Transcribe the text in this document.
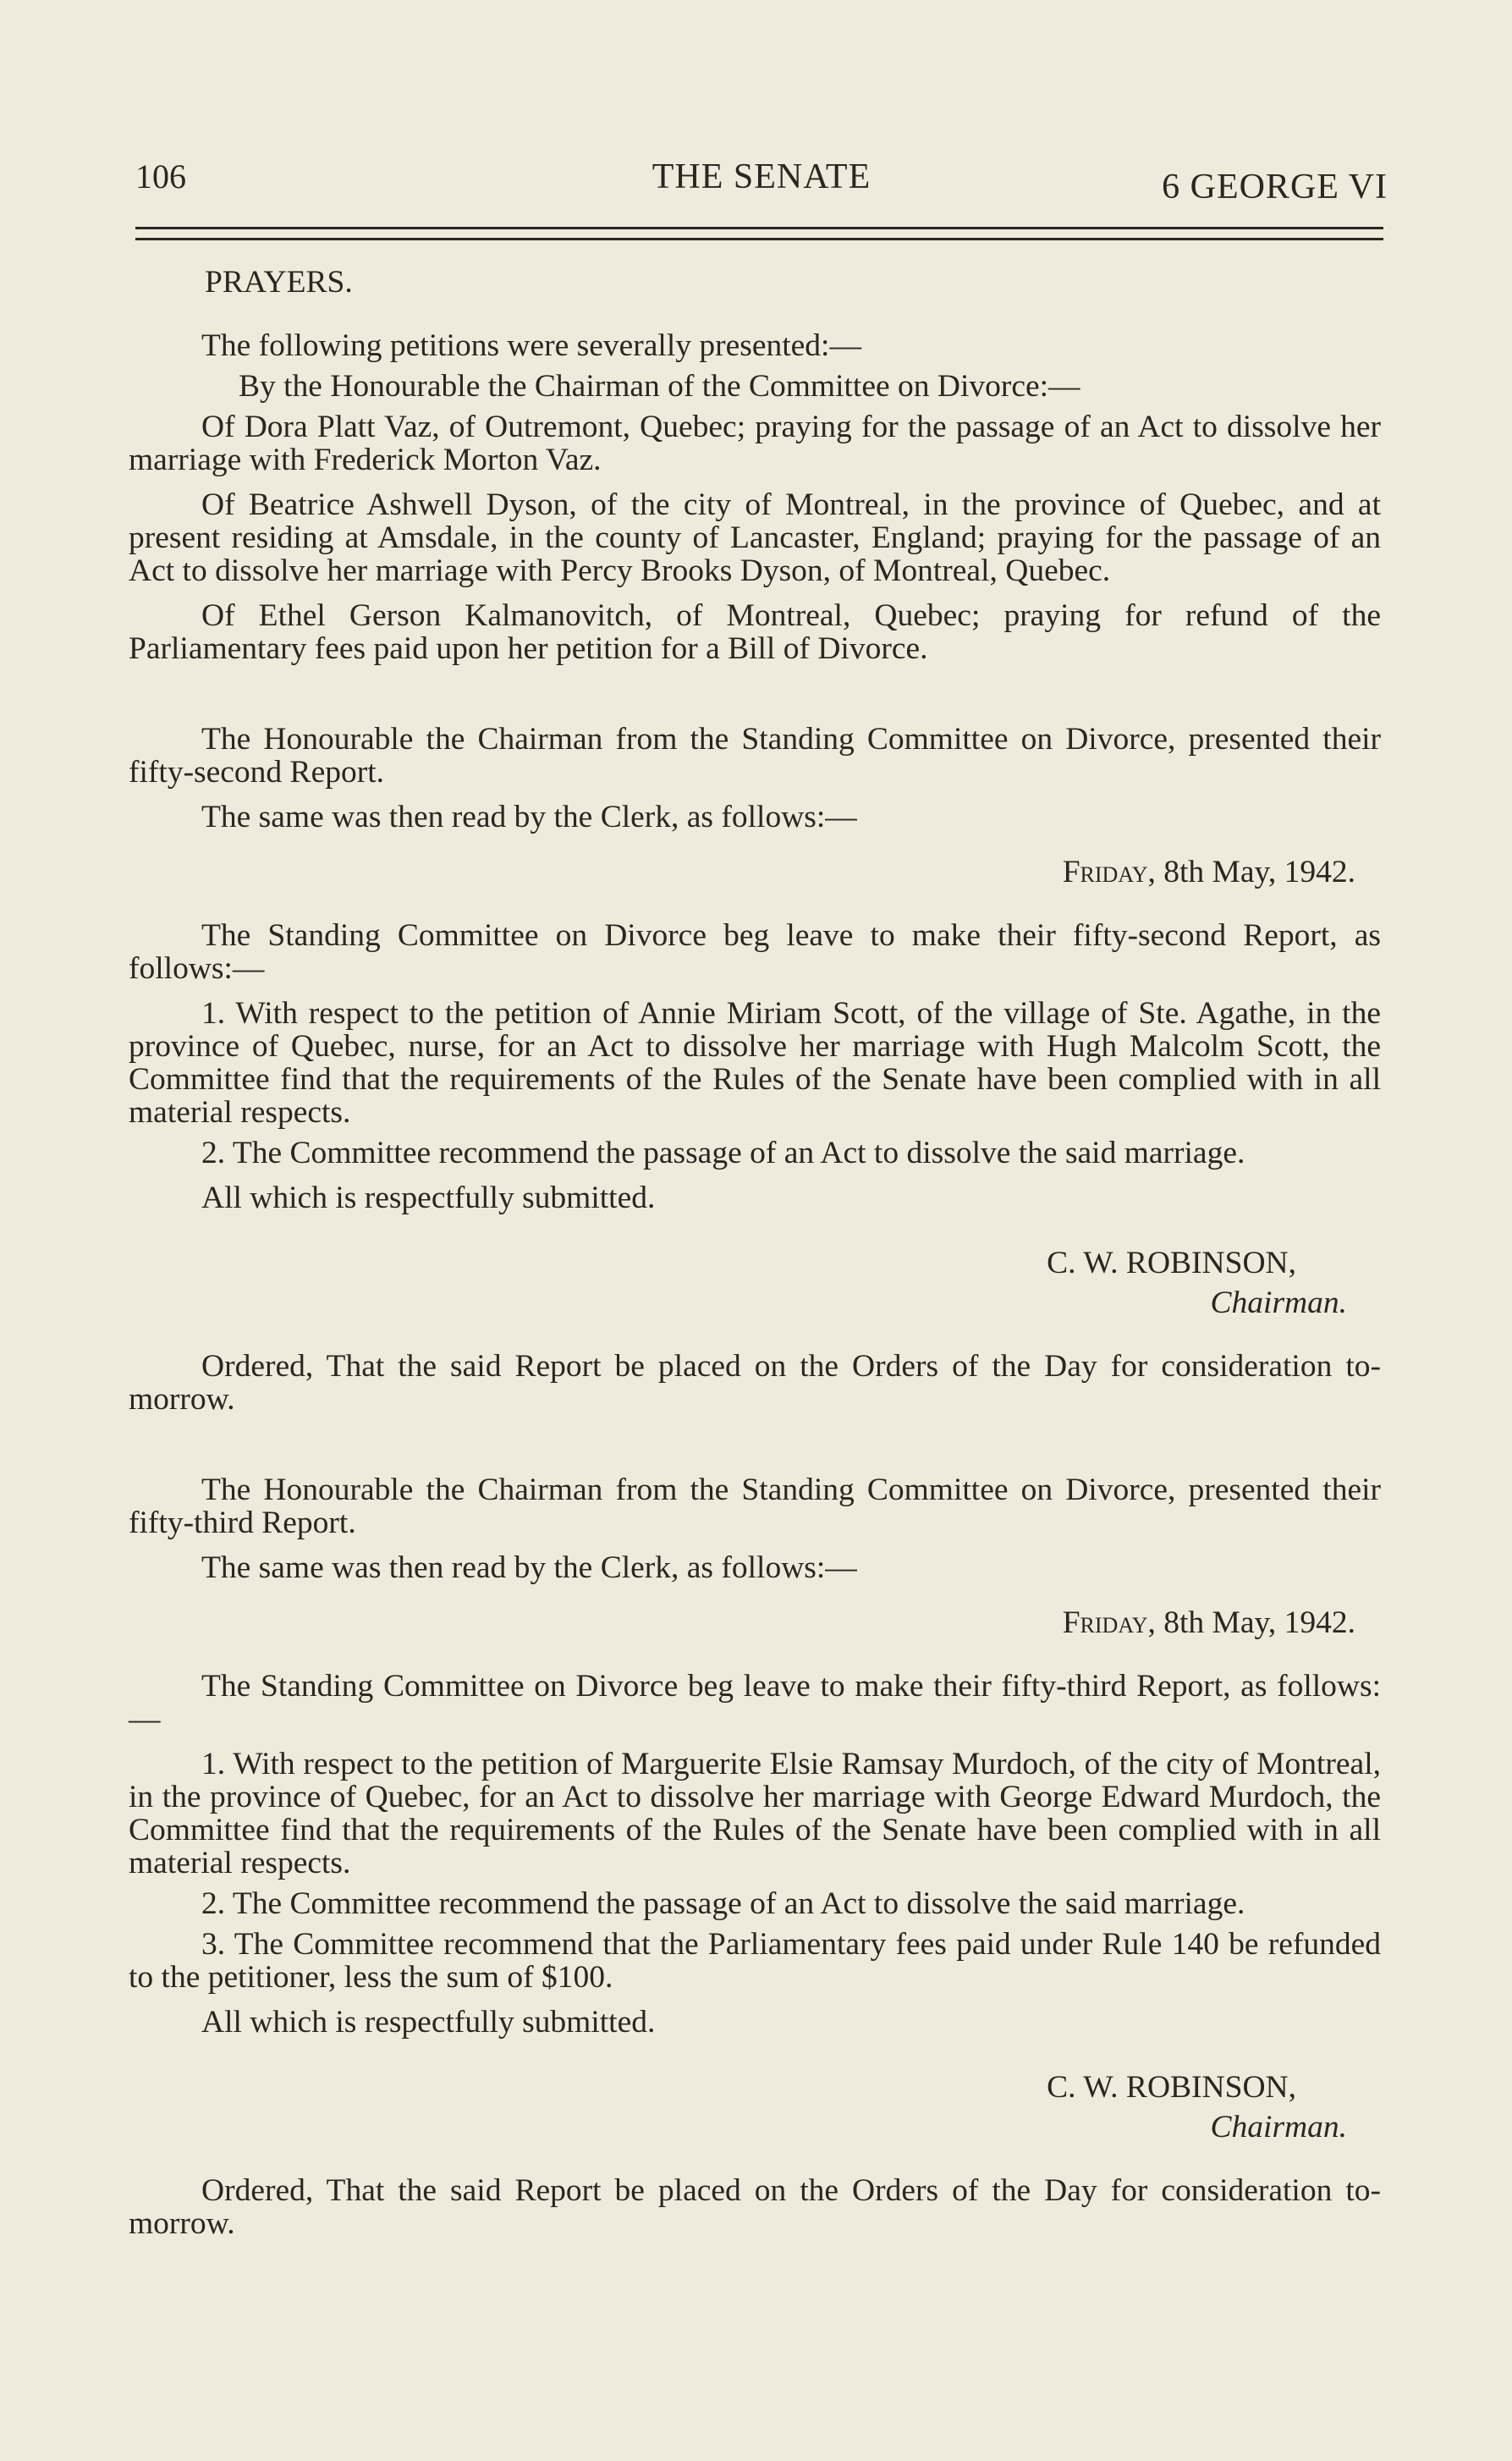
106	THE SENATE	6 GEORGE VI

PRAYERS.

The following petitions were severally presented:—

By the Honourable the Chairman of the Committee on Divorce:—

Of Dora Platt Vaz, of Outremont, Quebec; praying for the passage of an Act to dissolve her marriage with Frederick Morton Vaz.

Of Beatrice Ashwell Dyson, of the city of Montreal, in the province of Quebec, and at present residing at Amsdale, in the county of Lancaster, England; praying for the passage of an Act to dissolve her marriage with Percy Brooks Dyson, of Montreal, Quebec.

Of Ethel Gerson Kalmanovitch, of Montreal, Quebec; praying for refund of the Parliamentary fees paid upon her petition for a Bill of Divorce.

The Honourable the Chairman from the Standing Committee on Divorce, presented their fifty-second Report.

The same was then read by the Clerk, as follows:—

Friday, 8th May, 1942.

The Standing Committee on Divorce beg leave to make their fifty-second Report, as follows:—

1. With respect to the petition of Annie Miriam Scott, of the village of Ste. Agathe, in the province of Quebec, nurse, for an Act to dissolve her marriage with Hugh Malcolm Scott, the Committee find that the requirements of the Rules of the Senate have been complied with in all material respects.

2. The Committee recommend the passage of an Act to dissolve the said marriage.

All which is respectfully submitted.

C. W. ROBINSON,

Chairman.

Ordered, That the said Report be placed on the Orders of the Day for consideration to-morrow.

The Honourable the Chairman from the Standing Committee on Divorce, presented their fifty-third Report.

The same was then read by the Clerk, as follows:—

Friday, 8th May, 1942.

The Standing Committee on Divorce beg leave to make their fifty-third Report, as follows:—

1. With respect to the petition of Marguerite Elsie Ramsay Murdoch, of the city of Montreal, in the province of Quebec, for an Act to dissolve her marriage with George Edward Murdoch, the Committee find that the requirements of the Rules of the Senate have been complied with in all material respects.

2. The Committee recommend the passage of an Act to dissolve the said marriage.

3. The Committee recommend that the Parliamentary fees paid under Rule 140 be refunded to the petitioner, less the sum of $100.

All which is respectfully submitted.

C. W. ROBINSON,

Chairman.

Ordered, That the said Report be placed on the Orders of the Day for consideration to-morrow.
